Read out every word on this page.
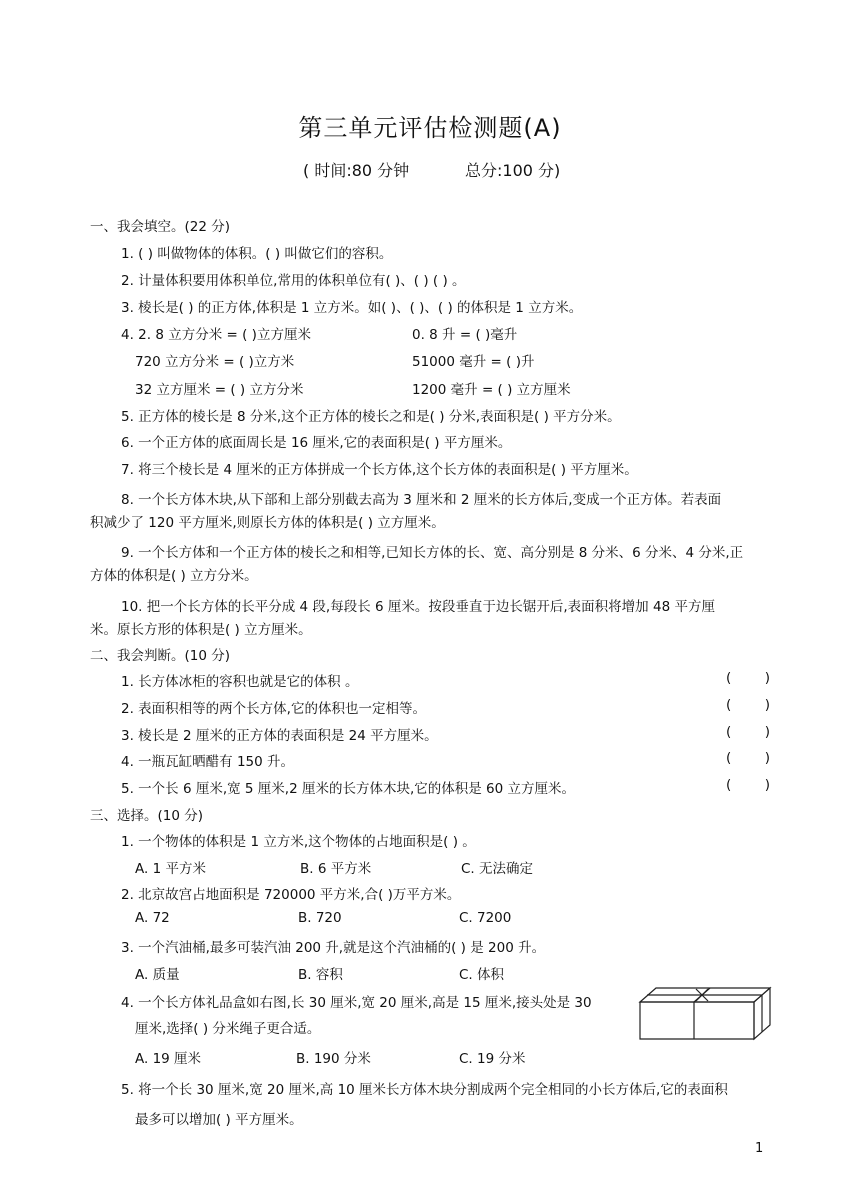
第三单元评估检测题(A)
( 时间:80 分钟	总分:100 分)
一、我会填空。(22 分)
1. ( ) 叫做物体的体积。( ) 叫做它们的容积。
2. 计量体积要用体积单位,常用的体积单位有( )、( ) ( ) 。
3. 棱长是( ) 的正方体,体积是 1 立方米。如( )、( )、( ) 的体积是 1 立方米。
4. 2. 8 立方分米 = ( )立方厘米	0. 8 升 = ( )毫升
720 立方分米 = ( )立方米	51000 毫升 = ( )升
32 立方厘米 = ( ) 立方分米	1200 毫升 = ( ) 立方厘米
5. 正方体的棱长是 8 分米,这个正方体的棱长之和是( ) 分米,表面积是( ) 平方分米。
6. 一个正方体的底面周长是 16 厘米,它的表面积是( ) 平方厘米。
7. 将三个棱长是 4 厘米的正方体拼成一个长方体,这个长方体的表面积是( ) 平方厘米。
8. 一个长方体木块,从下部和上部分别截去高为 3 厘米和 2 厘米的长方体后,变成一个正方体。若表面
积减少了 120 平方厘米,则原长方体的体积是( ) 立方厘米。
9. 一个长方体和一个正方体的棱长之和相等,已知长方体的长、宽、高分别是 8 分米、6 分米、4 分米,正
方体的体积是( ) 立方分米。
10. 把一个长方体的长平分成 4 段,每段长 6 厘米。按段垂直于边长锯开后,表面积将增加 48 平方厘
米。原长方形的体积是( ) 立方厘米。
二、我会判断。(10 分)
1. 长方体冰柜的容积也就是它的体积 。	( )
2. 表面积相等的两个长方体,它的体积也一定相等。	( )
3. 棱长是 2 厘米的正方体的表面积是 24 平方厘米。	( )
4. 一瓶瓦缸晒醋有 150 升。	( )
5. 一个长 6 厘米,宽 5 厘米,2 厘米的长方体木块,它的体积是 60 立方厘米。	( )
三、选择。(10 分)
1. 一个物体的体积是 1 立方米,这个物体的占地面积是( ) 。
A. 1 平方米	B. 6 平方米	C. 无法确定
2. 北京故宫占地面积是 720000 平方米,合( )万平方米。
A. 72	B. 720	C. 7200
3. 一个汽油桶,最多可装汽油 200 升,就是这个汽油桶的( ) 是 200 升。
A. 质量	B. 容积	C. 体积
4. 一个长方体礼品盒如右图,长 30 厘米,宽 20 厘米,高是 15 厘米,接头处是 30
厘米,选择( ) 分米绳子更合适。
A. 19 厘米	B. 190 分米	C. 19 分米
5. 将一个长 30 厘米,宽 20 厘米,高 10 厘米长方体木块分割成两个完全相同的小长方体后,它的表面积
最多可以增加( ) 平方厘米。
1
